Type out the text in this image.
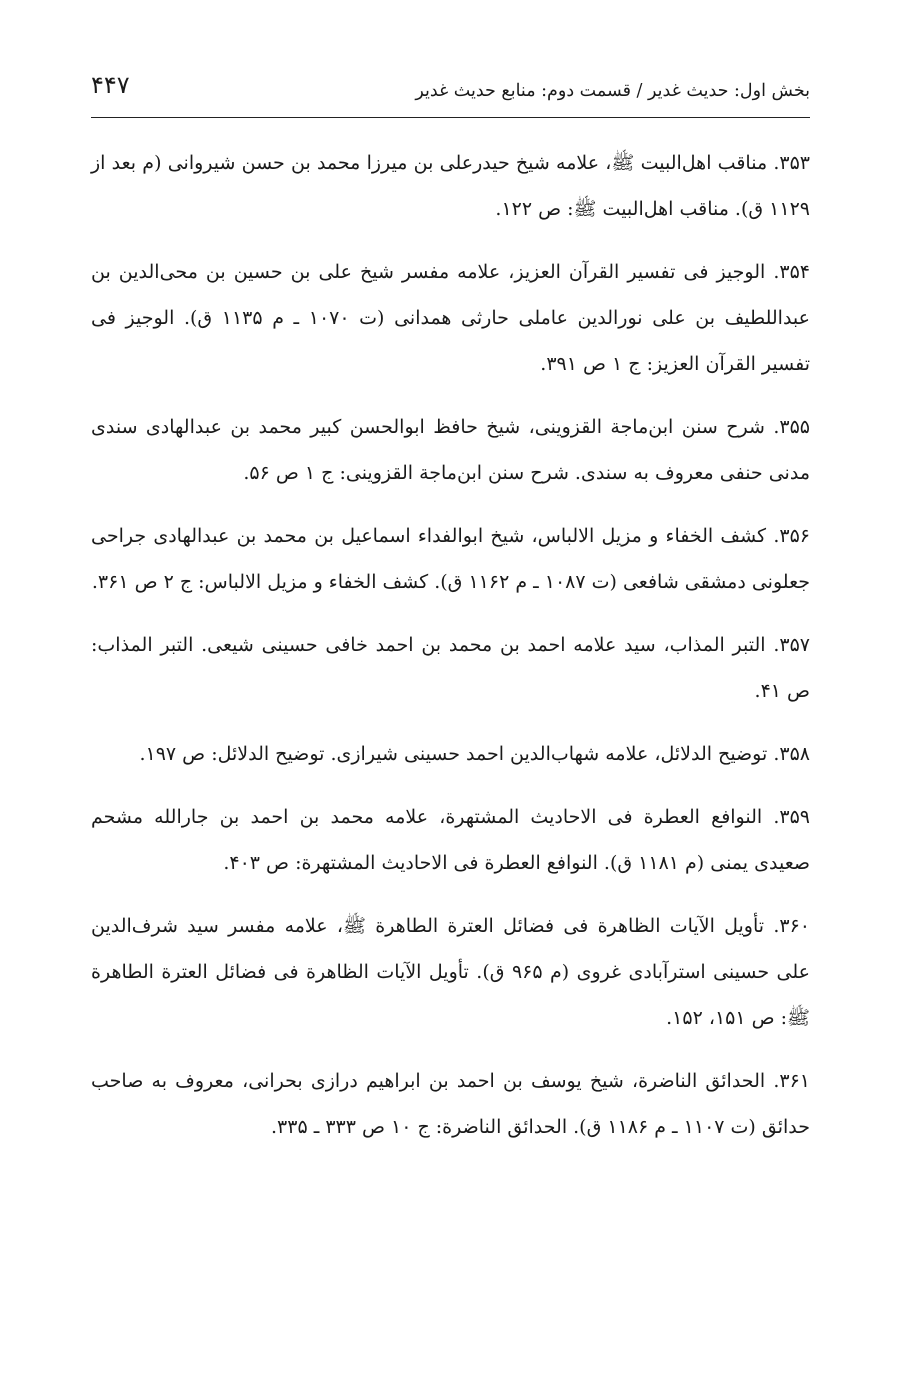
۴۴۷	بخش اول: حدیث غدیر / قسمت دوم: منابع حدیث غدیر

۳۵۳. مناقب اهل‌البیت ﷺ، علامه شیخ حیدرعلی بن میرزا محمد بن حسن شیروانی (م بعد از ۱۱۲۹ ق). مناقب اهل‌البیت ﷺ: ص ۱۲۲.

۳۵۴. الوجیز فی تفسیر القرآن العزیز، علامه مفسر شیخ علی بن حسین بن محی‌الدین بن عبداللطیف بن علی نورالدین عاملی حارثی همدانی (ت ۱۰۷۰ ـ م ۱۱۳۵ ق). الوجیز فی تفسیر القرآن العزیز: ج ۱ ص ۳۹۱.

۳۵۵. شرح سنن ابن‌ماجة القزوینی، شیخ حافظ ابوالحسن کبیر محمد بن عبدالهادی سندی مدنی حنفی معروف به سندی. شرح سنن ابن‌ماجة القزوینی: ج ۱ ص ۵۶.

۳۵۶. کشف الخفاء و مزیل الالباس، شیخ ابوالفداء اسماعیل بن محمد بن عبدالهادی جراحی جعلونی دمشقی شافعی (ت ۱۰۸۷ ـ م ۱۱۶۲ ق). کشف الخفاء و مزیل الالباس: ج ۲ ص ۳۶۱.

۳۵۷. التبر المذاب، سید علامه احمد بن محمد بن احمد خافی حسینی شیعی. التبر المذاب: ص ۴۱.

۳۵۸. توضیح الدلائل، علامه شهاب‌الدین احمد حسینی شیرازی. توضیح الدلائل: ص ۱۹۷.

۳۵۹. النوافع العطرة فی الاحادیث المشتهرة، علامه محمد بن احمد بن جارالله مشحم صعیدی یمنی (م ۱۱۸۱ ق). النوافع العطرة فی الاحادیث المشتهرة: ص ۴۰۳.

۳۶۰. تأویل الآیات الظاهرة فی فضائل العترة الطاهرة ﷺ، علامه مفسر سید شرف‌الدین علی حسینی استرآبادی غروی (م ۹۶۵ ق). تأویل الآیات الظاهرة فی فضائل العترة الطاهرة ﷺ: ص ۱۵۱، ۱۵۲.

۳۶۱. الحدائق الناضرة، شیخ یوسف بن احمد بن ابراهیم درازی بحرانی، معروف به صاحب حدائق (ت ۱۱۰۷ ـ م ۱۱۸۶ ق). الحدائق الناضرة: ج ۱۰ ص ۳۳۳ ـ ۳۳۵.
